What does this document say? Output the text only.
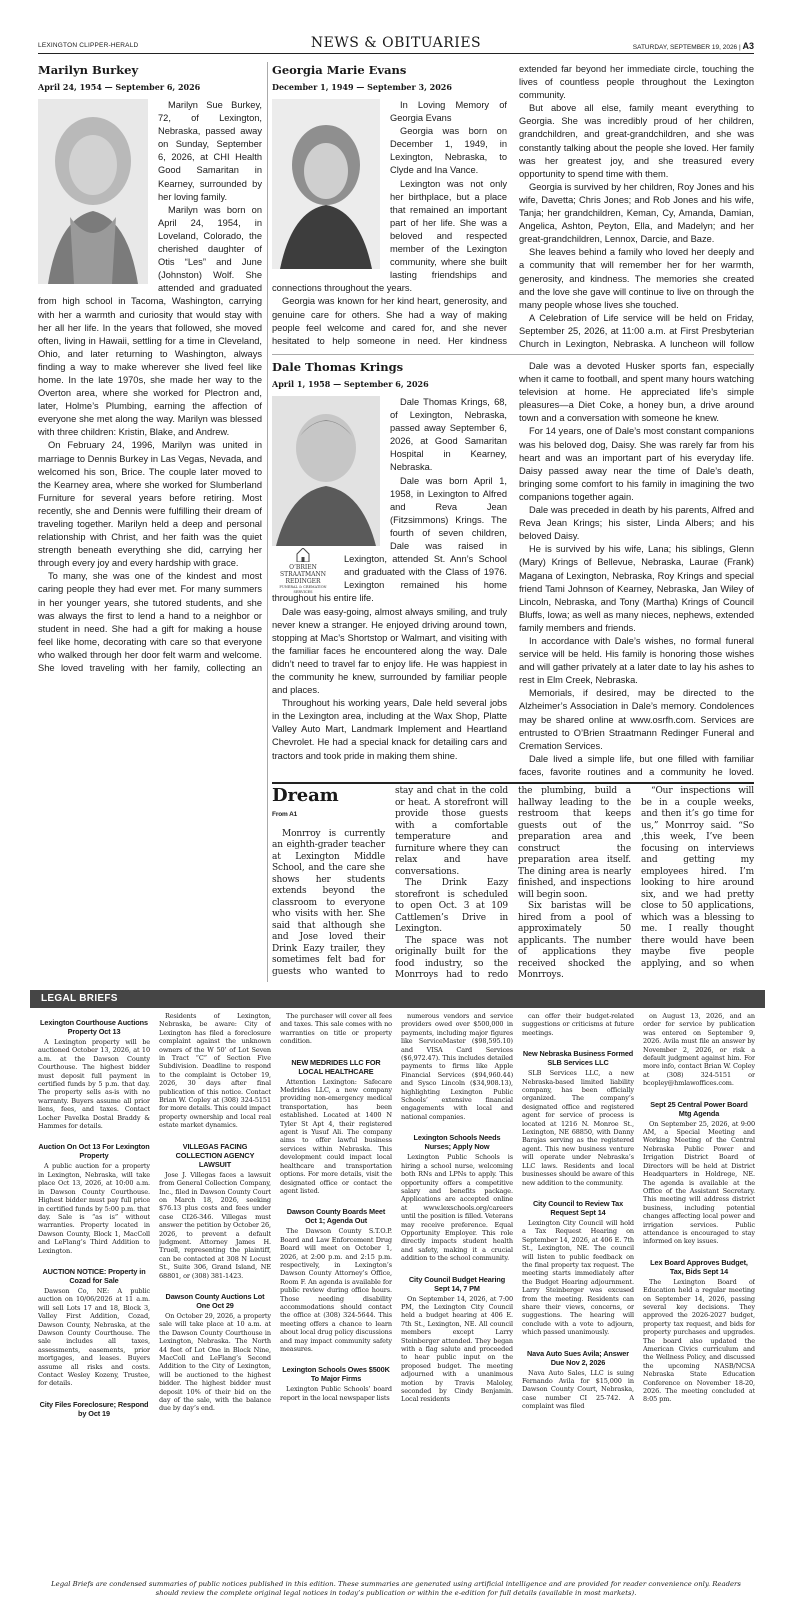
LEXINGTON CLIPPER-HERALD	NEWS & OBITUARIES	SATURDAY, SEPTEMBER 19, 2026 | A3
Marilyn Burkey
April 24, 1954 — September 6, 2026

Marilyn Sue Burkey, 72, of Lexington, Nebraska, passed away on Sunday, September 6, 2026, at CHI Health Good Samaritan in Kearney, surrounded by her loving family.

Marilyn was born on April 24, 1954, in Loveland, Colorado, the cherished daughter of Otis “Les” and June (Johnston) Wolf. She attended and graduated from high school in Tacoma, Washington, carrying with her a warmth and curiosity that would stay with her all her life. In the years that followed, she moved often, living in Hawaii, settling for a time in Cleveland, Ohio, and later returning to Washington, always finding a way to make wherever she lived feel like home. In the late 1970s, she made her way to the Overton area, where she worked for Plectron and, later, Holme’s Plumbing, earning the affection of everyone she met along the way. Marilyn was blessed with three children: Kristin, Blake, and Andrew.

On February 24, 1996, Marilyn was united in marriage to Dennis Burkey in Las Vegas, Nevada, and welcomed his son, Brice. The couple later moved to the Kearney area, where she worked for Slumberland Furniture for several years before retiring. Most recently, she and Dennis were fulfilling their dream of traveling together. Marilyn held a deep and personal relationship with Christ, and her faith was the quiet strength beneath everything she did, carrying her through every joy and every hardship with grace.

To many, she was one of the kindest and most caring people they had ever met. For many summers in her younger years, she tutored students, and she was always the first to lend a hand to a neighbor or student in need. She had a gift for making a house feel like home, decorating with care so that everyone who walked through her door felt warm and welcome. She loved traveling with her family, collecting an

Georgia Marie Evans
December 1, 1949 — September 3, 2026

In Loving Memory of Georgia Evans

Georgia was born on December 1, 1949, in Lexington, Nebraska, to Clyde and Ina Vance.

Lexington was not only her birthplace, but a place that remained an important part of her life. She was a beloved and respected member of the Lexington community, where she built lasting friendships and connections throughout the years.

Georgia was known for her kind heart, generosity, and genuine care for others. She had a way of making people feel welcome and cared for, and she never hesitated to help someone in need. Her kindness extended far beyond her immediate circle, touching the lives of countless people throughout the Lexington community.

But above all else, family meant everything to Georgia. She was incredibly proud of her children, grandchildren, and great-grandchildren, and she was constantly talking about the people she loved. Her family was her greatest joy, and she treasured every opportunity to spend time with them.

Georgia is survived by her children, Roy Jones and his wife, Davetta; Chris Jones; and Rob Jones and his wife, Tanja; her grandchildren, Keman, Cy, Amanda, Damian, Angelica, Ashton, Peyton, Ella, and Madelyn; and her great-grandchildren, Lennox, Darcie, and Baze.

She leaves behind a family who loved her deeply and a community that will remember her for her warmth, generosity, and kindness. The memories she created and the love she gave will continue to live on through the many people whose lives she touched.

A Celebration of Life service will be held on Friday, September 25, 2026, at 11:00 a.m. at First Presbyterian Church in Lexington, Nebraska. A luncheon will follow

Dale Thomas Krings
April 1, 1958 — September 6, 2026
O’BRIEN STRAATMANN REDINGER
FUNERAL & CREMATION SERVICES

Dale Thomas Krings, 68, of Lexington, Nebraska, passed away September 6, 2026, at Good Samaritan Hospital in Kearney, Nebraska.

Dale was born April 1, 1958, in Lexington to Alfred and Reva Jean (Fitzsimmons) Krings. The fourth of seven children, Dale was raised in Lexington, attended St. Ann’s School and graduated with the Class of 1976. Lexington remained his home throughout his entire life.

Dale was easy-going, almost always smiling, and truly never knew a stranger. He enjoyed driving around town, stopping at Mac’s Shortstop or Walmart, and visiting with the familiar faces he encountered along the way. Dale didn’t need to travel far to enjoy life. He was happiest in the community he knew, surrounded by familiar people and places.

Throughout his working years, Dale held several jobs in the Lexington area, including at the Wax Shop, Platte Valley Auto Mart, Landmark Implement and Heartland Chevrolet. He had a special knack for detailing cars and tractors and took pride in making them shine.

Dale was a devoted Husker sports fan, especially when it came to football, and spent many hours watching television at home. He appreciated life’s simple pleasures—a Diet Coke, a honey bun, a drive around town and a conversation with someone he knew.

For 14 years, one of Dale’s most constant companions was his beloved dog, Daisy. She was rarely far from his heart and was an important part of his everyday life. Daisy passed away near the time of Dale’s death, bringing some comfort to his family in imagining the two companions together again.

Dale was preceded in death by his parents, Alfred and Reva Jean Krings; his sister, Linda Albers; and his beloved Daisy.

He is survived by his wife, Lana; his siblings, Glenn (Mary) Krings of Bellevue, Nebraska, Laurae (Frank) Magana of Lexington, Nebraska, Roy Krings and special friend Tami Johnson of Kearney, Nebraska, Jan Wiley of Lincoln, Nebraska, and Tony (Martha) Krings of Council Bluffs, Iowa; as well as many nieces, nephews, extended family members and friends.

In accordance with Dale’s wishes, no formal funeral service will be held. His family is honoring those wishes and will gather privately at a later date to lay his ashes to rest in Elm Creek, Nebraska.

Memorials, if desired, may be directed to the Alzheimer’s Association in Dale’s memory. Condolences may be shared online at www.osrfh.com. Services are entrusted to O’Brien Straatmann Redinger Funeral and Cremation Services.

Dale lived a simple life, but one filled with familiar faces, favorite routines and a community he loved.

Dream
From A1

Monrroy is currently an eighth-grader teacher at Lexington Middle School, and the care she shows her students extends beyond the classroom to everyone who visits with her. She said that although she and Jose loved their Drink Eazy trailer, they sometimes felt bad for guests who wanted to stay and chat in the cold or heat. A storefront will provide those guests with a comfortable temperature and furniture where they can relax and have conversations.

The Drink Eazy storefront is scheduled to open Oct. 3 at 109 Cattlemen’s Drive in Lexington.

The space was not originally built for the food industry, so the Monrroys had to redo the plumbing, build a hallway leading to the restroom that keeps guests out of the preparation area and construct the preparation area itself. The dining area is nearly finished, and inspections will begin soon.

Six baristas will be hired from a pool of approximately 50 applicants. The number of applications they received shocked the Monrroys.

“Our inspections will be in a couple weeks, and then it’s go time for us,” Monrroy said. “So ,this week, I’ve been focusing on interviews and getting my employees hired. I’m looking to hire around six, and we had pretty close to 50 applications, which was a blessing to me. I really thought there would have been maybe five people applying, and so when

LEGAL BRIEFS
Lexington Courthouse Auctions Property Oct 13

A Lexington property will be auctioned October 13, 2026, at 10 a.m. at the Dawson County Courthouse. The highest bidder must deposit full payment in certified funds by 5 p.m. that day. The property sells as-is with no warranty. Buyers assume all prior liens, fees, and taxes. Contact Locher Pavelka Dostal Braddy & Hammes for details.

Auction On Oct 13 For Lexington Property

A public auction for a property in Lexington, Nebraska, will take place Oct 13, 2026, at 10:00 a.m. in Dawson County Courthouse. Highest bidder must pay full price in certified funds by 5:00 p.m. that day. Sale is “as is” without warranties. Property located in Dawson County, Block 1, MacColl and LeFlang’s Third Addition to Lexington.

AUCTION NOTICE: Property in Cozad for Sale

Dawson Co, NE: A public auction on 10/06/2026 at 11 a.m. will sell Lots 17 and 18, Block 3, Valley First Addition, Cozad, Dawson County, Nebraska, at the Dawson County Courthouse. The sale includes all taxes, assessments, easements, prior mortgages, and leases. Buyers assume all risks and costs. Contact Wesley Kozeny, Trustee, for details.

City Files Foreclosure; Respond by Oct 19

Residents of Lexington, Nebraska, be aware: City of Lexington has filed a foreclosure complaint against the unknown owners of the W 50’ of Lot Seven in Tract “C” of Section Five Subdivision. Deadline to respond to the complaint is October 19, 2026, 30 days after final publication of this notice. Contact Brian W. Copley at (308) 324-5151 for more details. This could impact property ownership and local real estate market dynamics.

VILLEGAS FACING COLLECTION AGENCY LAWSUIT

Jose J. Villegas faces a lawsuit from General Collection Company, Inc., filed in Dawson County Court on March 18, 2026, seeking $76.13 plus costs and fees under case CI26-346. Villegas must answer the petition by October 26, 2026, to prevent a default judgment. Attorney James H. Truell, representing the plaintiff, can be contacted at 308 N Locust St., Suite 306, Grand Island, NE 68801, or (308) 381-1423.

Dawson County Auctions Lot One Oct 29

On October 29, 2026, a property sale will take place at 10 a.m. at the Dawson County Courthouse in Lexington, Nebraska. The North 44 feet of Lot One in Block Nine, MacColl and LeFlang’s Second Addition to the City of Lexington, will be auctioned to the highest bidder. The highest bidder must deposit 10% of their bid on the day of the sale, with the balance due by day’s end.

The purchaser will cover all fees and taxes. This sale comes with no warranties on title or property condition.

NEW MEDRIDES LLC FOR LOCAL HEALTHCARE

Attention Lexington: Safecare Medrides LLC, a new company providing non-emergency medical transportation, has been established. Located at 1400 N Tyler St Apt 4, their registered agent is Yusuf Ali. The company aims to offer lawful business services within Nebraska. This development could impact local healthcare and transportation options. For more details, visit the designated office or contact the agent listed.

Dawson County Boards Meet Oct 1; Agenda Out

The Dawson County S.T.O.P. Board and Law Enforcement Drug Board will meet on October 1, 2026, at 2:00 p.m. and 2:15 p.m. respectively, in Lexington’s Dawson County Attorney’s Office, Room F. An agenda is available for public review during office hours. Those needing disability accommodations should contact the office at (308) 324-5644. This meeting offers a chance to learn about local drug policy discussions and may impact community safety measures.

Lexington Schools Owes $500K To Major Firms

Lexington Public Schools’ board report in the local newspaper lists

numerous vendors and service providers owed over $500,000 in payments, including major figures like ServiceMaster ($98,595.10) and VISA Card Services ($6,972.47). This includes detailed payments to firms like Apple Financial Services ($94,960.44) and Sysco Lincoln ($34,908.13), highlighting Lexington Public Schools’ extensive financial engagements with local and national companies.

Lexington Schools Needs Nurses; Apply Now

Lexington Public Schools is hiring a school nurse, welcoming both RNs and LPNs to apply. This opportunity offers a competitive salary and benefits package. Applications are accepted online at www.lexschools.org/careers until the position is filled. Veterans may receive preference. Equal Opportunity Employer. This role directly impacts student health and safety, making it a crucial addition to the school community.

City Council Budget Hearing Sept 14, 7 PM

On September 14, 2026, at 7:00 PM, the Lexington City Council held a budget hearing at 406 E. 7th St., Lexington, NE. All council members except Larry Steinberger attended. They began with a flag salute and proceeded to hear public input on the proposed budget. The meeting adjourned with a unanimous motion by Travis Maloley, seconded by Cindy Benjamin. Local residents

can offer their budget-related suggestions or criticisms at future meetings.

New Nebraska Business Formed SLB Services LLC

SLB Services LLC, a new Nebraska-based limited liability company, has been officially organized. The company’s designated office and registered agent for service of process is located at 1216 N. Monroe St., Lexington, NE 68850, with Danny Barajas serving as the registered agent. This new business venture will operate under Nebraska’s LLC laws. Residents and local businesses should be aware of this new addition to the community.

City Council to Review Tax Request Sept 14

Lexington City Council will hold a Tax Request Hearing on September 14, 2026, at 406 E. 7th St., Lexington, NE. The council will listen to public feedback on the final property tax request. The meeting starts immediately after the Budget Hearing adjournment. Larry Steinberger was excused from the meeting. Residents can share their views, concerns, or suggestions. The hearing will conclude with a vote to adjourn, which passed unanimously.

Nava Auto Sues Avila; Answer Due Nov 2, 2026

Nava Auto Sales, LLC is suing Fernando Avila for $15,000 in Dawson County Court, Nebraska, case number CI 25-742. A complaint was filed

on August 13, 2026, and an order for service by publication was entered on September 9, 2026. Avila must file an answer by November 2, 2026, or risk a default judgment against him. For more info, contact Brian W. Copley at (308) 324-5151 or bcopley@hmlawoffices.com.

Sept 25 Central Power Board Mtg Agenda

On September 25, 2026, at 9:00 AM, a Special Meeting and Working Meeting of the Central Nebraska Public Power and Irrigation District Board of Directors will be held at District Headquarters in Holdrege, NE. The agenda is available at the Office of the Assistant Secretary. This meeting will address district business, including potential changes affecting local power and irrigation services. Public attendance is encouraged to stay informed on key issues.

Lex Board Approves Budget, Tax, Bids Sept 14

The Lexington Board of Education held a regular meeting on September 14, 2026, passing several key decisions. They approved the 2026-2027 budget, property tax request, and bids for property purchases and upgrades. The board also updated the American Civics curriculum and the Wellness Policy, and discussed the upcoming NASB/NCSA Nebraska State Education Conference on November 18-20, 2026. The meeting concluded at 8:05 pm.

Legal Briefs are condensed summaries of public notices published in this edition. These summaries are generated using artificial intelligence and are provided for reader convenience only. Readers should review the complete original legal notices in today’s publication or within the e-edition for full details (available in most markets).
